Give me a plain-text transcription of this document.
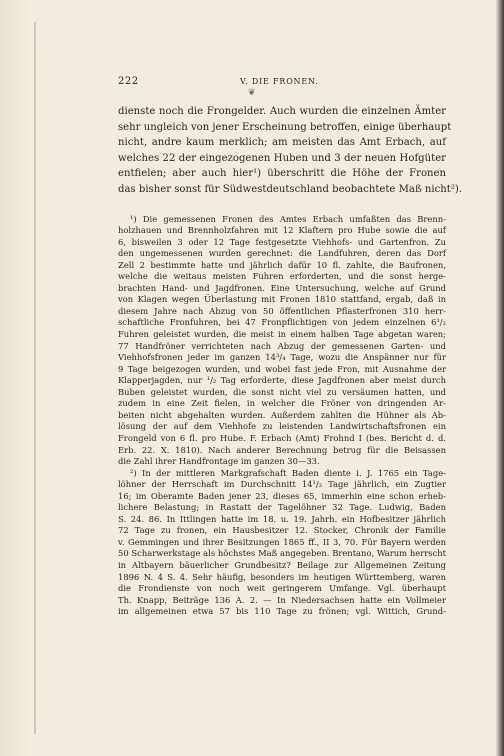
222	V. DIE FRONEN.
❦
dienste noch die Frongelder. Auch wurden die einzelnen Ämter
sehr ungleich von jener Erscheinung betroffen, einige überhaupt
nicht, andre kaum merklich; am meisten das Amt Erbach, auf
welches 22 der eingezogenen Huben und 3 der neuen Hofgüter
entfielen; aber auch hier¹) überschritt die Höhe der Fronen
das bisher sonst für Südwestdeutschland beobachtete Maß nicht²).
¹) Die gemessenen Fronen des Amtes Erbach umfaßten das Brenn-
holzhauen und Brennholzfahren mit 12 Klaftern pro Hube sowie die auf
6, bisweilen 3 oder 12 Tage festgesetzte Viehhofs- und Gartenfron. Zu
den ungemessenen wurden gerechnet: die Landfuhren, deren das Dorf
Zell 2 bestimmte hatte und jährlich dafür 10 fl. zahlte, die Baufronen,
welche die weitaus meisten Fuhren erforderten, und die sonst herge-
brachten Hand- und Jagdfronen. Eine Untersuchung, welche auf Grund
von Klagen wegen Überlastung mit Fronen 1810 stattfand, ergab, daß in
diesem Jahre nach Abzug von 50 öffentlichen Pflasterfronen 310 herr-
schaftliche Fronfuhren, bei 47 Fronpflichtigen von jedem einzelnen 6¹/₂
Fuhren geleistet wurden, die meist in einem halben Tage abgetan waren;
77 Handfröner verrichteten nach Abzug der gemessenen Garten- und
Viehhofsfronen jeder im ganzen 14³/₄ Tage, wozu die Anspänner nur für
9 Tage beigezogen wurden, und wobei fast jede Fron, mit Ausnahme der
Klapperjagden, nur ¹/₂ Tag erforderte, diese Jagdfronen aber meist durch
Buben geleistet wurden, die sonst nicht viel zu versäumen hatten, und
zudem in eine Zeit fielen, in welcher die Fröner von dringenden Ar-
beiten nicht abgehalten wurden. Außerdem zahlten die Hühner als Ab-
lösung der auf dem Viehhofe zu leistenden Landwirtschaftsfronen ein
Frongeld von 6 fl. pro Hube. F. Erbach (Amt) Frohnd I (bes. Bericht d. d.
Erb. 22. X. 1810). Nach anderer Berechnung betrug für die Beisassen
die Zahl ihrer Handfrontage im ganzen 30—33.
²) In der mittleren Markgrafschaft Baden diente i. J. 1765 ein Tage-
löhner der Herrschaft im Durchschnitt 14¹/₂ Tage jährlich, ein Zugtier
16; im Oberamte Baden jener 23, dieses 65, immerhin eine schon erheb-
lichere Belastung; in Rastatt der Tagelöhner 32 Tage. Ludwig, Baden
S. 24. 86. In Ittlingen hatte im 18. u. 19. Jahrh. ein Hofbesitzer jährlich
72 Tage zu fronen, ein Hausbesitzer 12. Stocker, Chronik der Familie
v. Gemmingen und ihrer Besitzungen 1865 ff., II 3, 70. Für Bayern werden
50 Scharwerkstage als höchstes Maß angegeben. Brentano, Warum herrscht
in Altbayern bäuerlicher Grundbesitz? Beilage zur Allgemeinen Zeitung
1896 N. 4 S. 4. Sehr häufig, besonders im heutigen Württemberg, waren
die Frondienste von noch weit geringerem Umfange. Vgl. überhaupt
Th. Knapp, Beiträge 136 A. 2. — In Niedersachsen hatte ein Vollmeier
im allgemeinen etwa 57 bis 110 Tage zu frönen; vgl. Wittich, Grund-
